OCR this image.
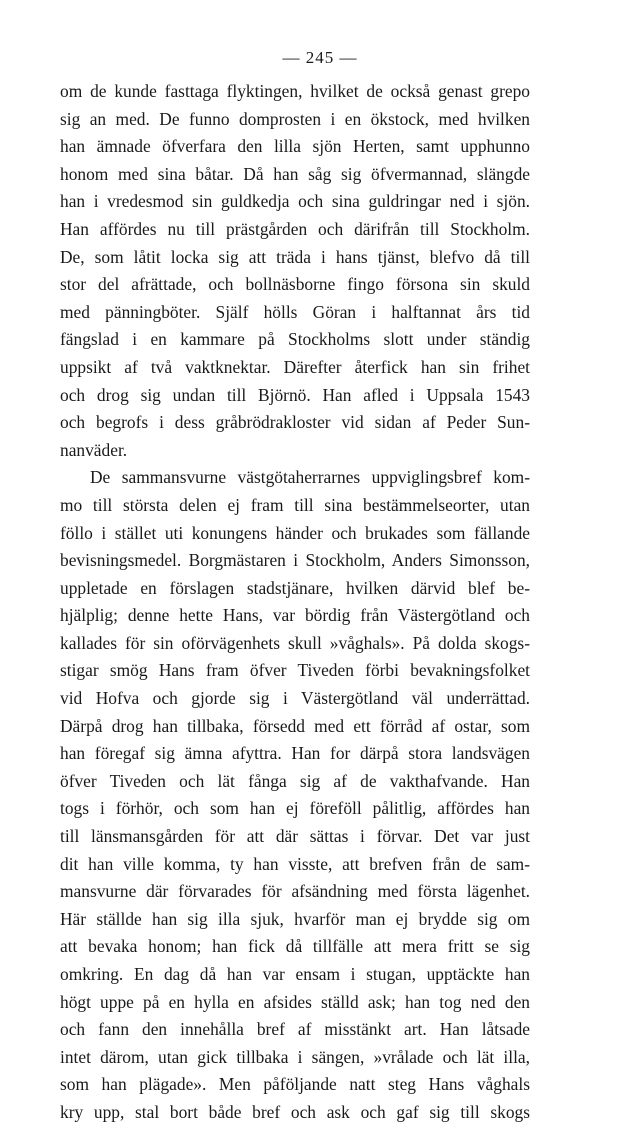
— 245 —
om de kunde fasttaga flyktingen, hvilket de också genast grepo
sig an med. De funno domprosten i en ökstock, med hvilken
han ämnade öfverfara den lilla sjön Herten, samt upphunno
honom med sina båtar. Då han såg sig öfvermannad, slängde
han i vredesmod sin guldkedja och sina guldringar ned i sjön.
Han affördes nu till prästgården och därifrån till Stockholm.
De, som låtit locka sig att träda i hans tjänst, blefvo då till
stor del afrättade, och bollnäsborne fingo försona sin skuld
med pänningböter. Själf hölls Göran i halftannat års tid
fängslad i en kammare på Stockholms slott under ständig
uppsikt af två vaktknektar. Därefter återfick han sin frihet
och drog sig undan till Björnö. Han afled i Uppsala 1543
och begrofs i dess gråbrödrakloster vid sidan af Peder Sun-
nanväder.
De sammansvurne västgötaherrarnes uppviglingsbref kom-
mo till största delen ej fram till sina bestämmelseorter, utan
föllo i stället uti konungens händer och brukades som fällande
bevisningsmedel. Borgmästaren i Stockholm, Anders Simonsson,
uppletade en förslagen stadstjänare, hvilken därvid blef be-
hjälplig; denne hette Hans, var bördig från Västergötland och
kallades för sin oförvägenhets skull »våghals». På dolda skogs-
stigar smög Hans fram öfver Tiveden förbi bevakningsfolket
vid Hofva och gjorde sig i Västergötland väl underrättad.
Därpå drog han tillbaka, försedd med ett förråd af ostar, som
han föregaf sig ämna afyttra. Han for därpå stora landsvägen
öfver Tiveden och lät fånga sig af de vakthafvande. Han
togs i förhör, och som han ej föreföll pålitlig, affördes han
till länsmansgården för att där sättas i förvar. Det var just
dit han ville komma, ty han visste, att brefven från de sam-
mansvurne där förvarades för afsändning med första lägenhet.
Här ställde han sig illa sjuk, hvarför man ej brydde sig om
att bevaka honom; han fick då tillfälle att mera fritt se sig
omkring. En dag då han var ensam i stugan, upptäckte han
högt uppe på en hylla en afsides ställd ask; han tog ned den
och fann den innehålla bref af misstänkt art. Han låtsade
intet därom, utan gick tillbaka i sängen, »vrålade och lät illa,
som han plägade». Men påföljande natt steg Hans våghals
kry upp, stal bort både bref och ask och gaf sig till skogs
